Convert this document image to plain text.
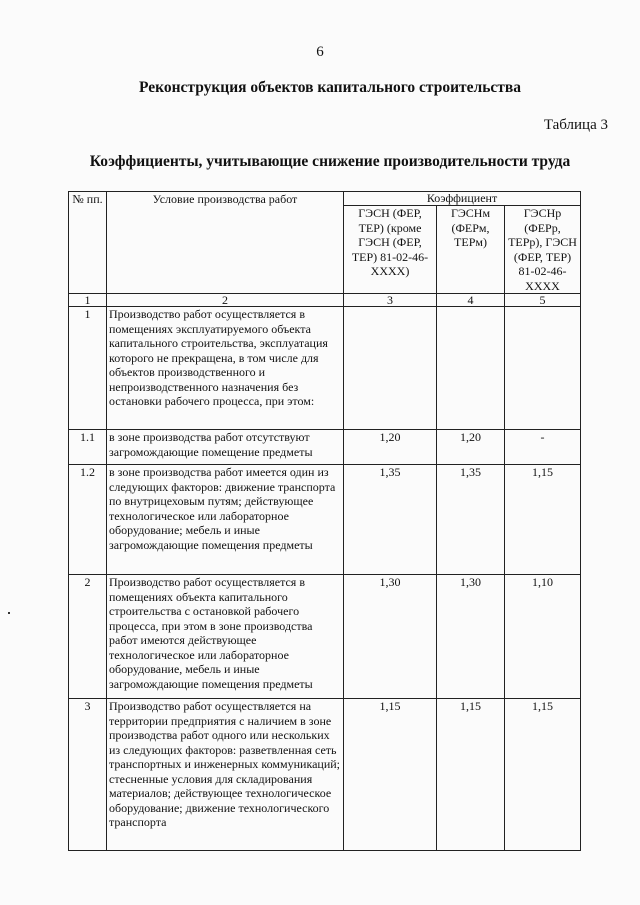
6
Реконструкция объектов капитального строительства
Таблица 3
Коэффициенты, учитывающие снижение производительности труда
№ пп.	Условие производства работ	Коэффициент		
		ГЭСН (ФЕР, ТЕР) (кроме ГЭСН (ФЕР, ТЕР) 81-02-46-XXXX)	ГЭСНм (ФЕРм, ТЕРм)	ГЭСНр (ФЕРр, ТЕРр), ГЭСН (ФЕР, ТЕР) 81-02-46-XXXX
1	2	3	4	5
1	Производство работ осуществляется в помещениях эксплуатируемого объекта капитального строительства, эксплуатация которого не прекращена, в том числе для объектов производственного и непроизводственного назначения без остановки рабочего процесса, при этом:			
1.1	в зоне производства работ отсутствуют загромождающие помещение предметы	1,20	1,20	-
1.2	в зоне производства работ имеется один из следующих факторов: движение транспорта по внутрицеховым путям; действующее технологическое или лабораторное оборудование; мебель и иные загромождающие помещения предметы	1,35	1,35	1,15
2	Производство работ осуществляется в помещениях объекта капитального строительства с остановкой рабочего процесса, при этом в зоне производства работ имеются действующее технологическое или лабораторное оборудование, мебель и иные загромождающие помещения предметы	1,30	1,30	1,10
3	Производство работ осуществляется на территории предприятия с наличием в зоне производства работ одного или нескольких из следующих факторов: разветвленная сеть транспортных и инженерных коммуникаций; стесненные условия для складирования материалов; действующее технологическое оборудование; движение технологического транспорта	1,15	1,15	1,15
